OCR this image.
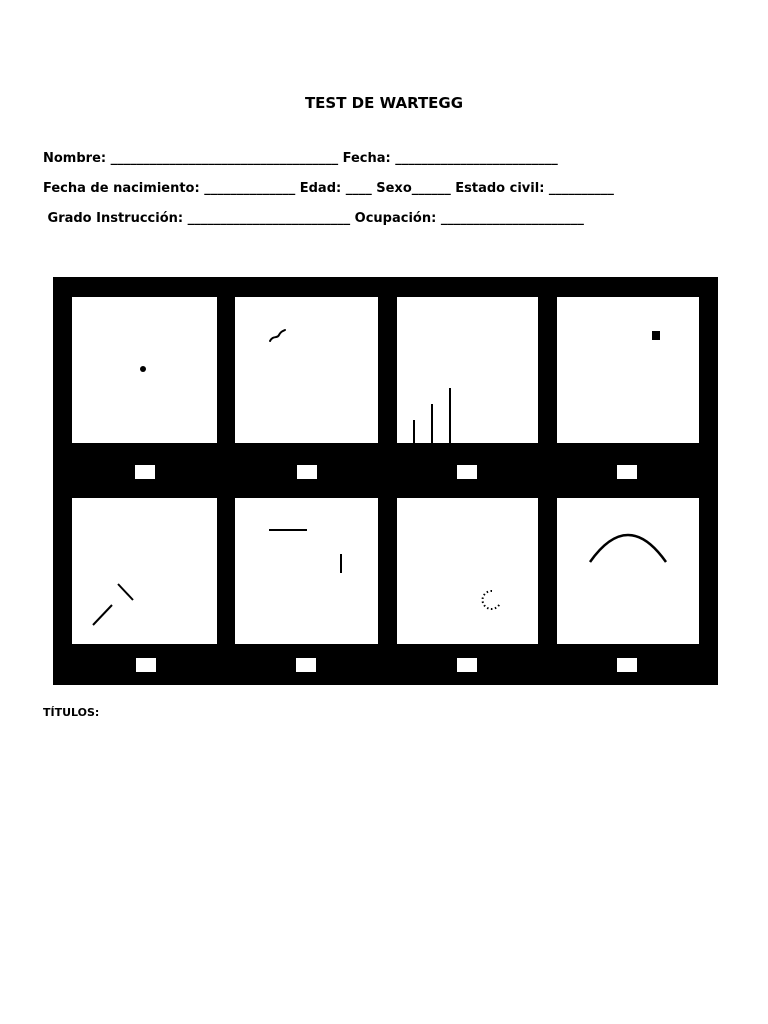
TEST DE WARTEGG
Nombre: ___________________________________ Fecha: _________________________
Fecha de nacimiento: ______________ Edad: ____ Sexo______ Estado civil: __________
Grado Instrucción: _________________________ Ocupación: ______________________
TÍTULOS:
